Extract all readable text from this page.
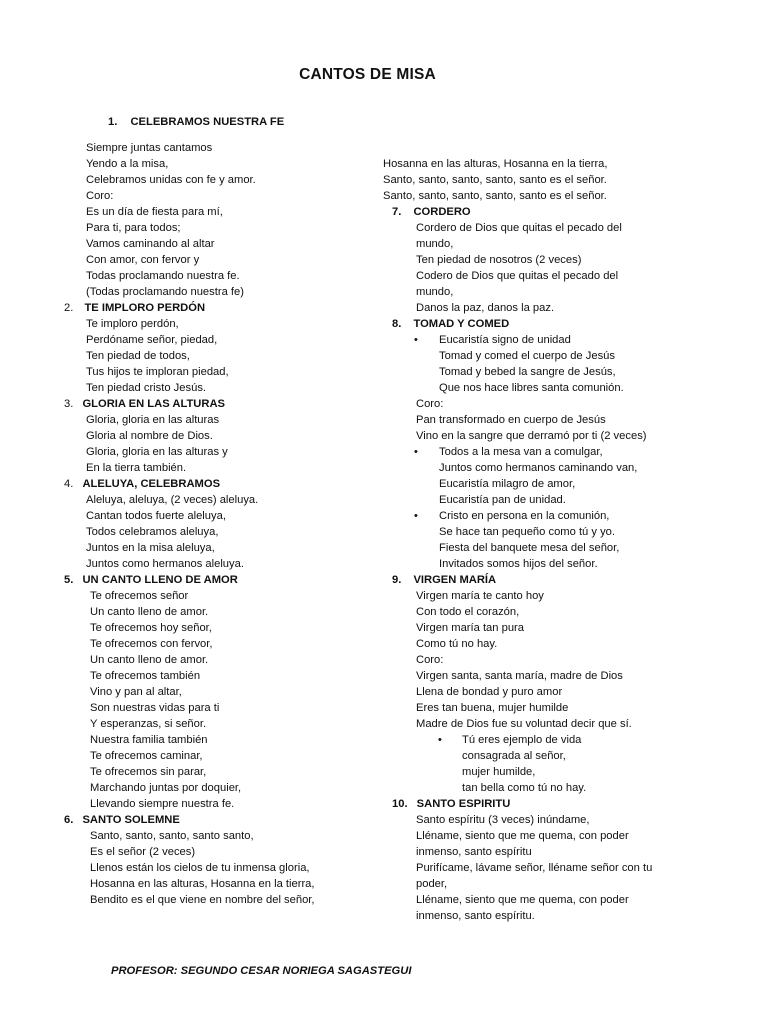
CANTOS DE MISA
1. CELEBRAMOS NUESTRA FE
Siempre juntas cantamos
Yendo a la misa,
Celebramos unidas con fe y amor.
Coro:
Es un día de fiesta para mí,
Para ti, para todos;
Vamos caminando al altar
Con amor, con fervor y
Todas proclamando nuestra fe.
(Todas proclamando nuestra fe)
2. TE IMPLORO PERDÓN
Te imploro perdón,
Perdóname señor, piedad,
Ten piedad de todos,
Tus hijos te imploran piedad,
Ten piedad cristo Jesús.
3. GLORIA EN LAS ALTURAS
Gloria, gloria en las alturas
Gloria al nombre de Dios.
Gloria, gloria en las alturas y
En la tierra también.
4. ALELUYA, CELEBRAMOS
Aleluya, aleluya, (2 veces) aleluya.
Cantan todos fuerte aleluya,
Todos celebramos aleluya,
Juntos en la misa aleluya,
Juntos como hermanos aleluya.
5. UN CANTO LLENO DE AMOR
Te ofrecemos señor
Un canto lleno de amor.
Te ofrecemos hoy señor,
Te ofrecemos con fervor,
Un canto lleno de amor.
Te ofrecemos también
Vino y pan al altar,
Son nuestras vidas para ti
Y esperanzas, si señor.
Nuestra familia también
Te ofrecemos caminar,
Te ofrecemos sin parar,
Marchando juntas por doquier,
Llevando siempre nuestra fe.
6. SANTO SOLEMNE
Santo, santo, santo, santo santo,
Es el señor (2 veces)
Llenos están los cielos de tu inmensa gloria,
Hosanna en las alturas, Hosanna en la tierra,
Bendito es el que viene en nombre del señor,
Hosanna en las alturas, Hosanna en la tierra,
Santo, santo, santo, santo, santo es el señor.
Santo, santo, santo, santo, santo es el señor.
7. CORDERO
Cordero de Dios que quitas el pecado del
mundo,
Ten piedad de nosotros (2 veces)
Codero de Dios que quitas el pecado del
mundo,
Danos la paz, danos la paz.
8. TOMAD Y COMED
• Eucaristía signo de unidad
Tomad y comed el cuerpo de Jesús
Tomad y bebed la sangre de Jesús,
Que nos hace libres santa comunión.
Coro:
Pan transformado en cuerpo de Jesús
Vino en la sangre que derramó por ti (2 veces)
• Todos a la mesa van a comulgar,
Juntos como hermanos caminando van,
Eucaristía milagro de amor,
Eucaristía pan de unidad.
• Cristo en persona en la comunión,
Se hace tan pequeño como tú y yo.
Fiesta del banquete mesa del señor,
Invitados somos hijos del señor.
9. VIRGEN MARÍA
Virgen maría te canto hoy
Con todo el corazón,
Virgen maría tan pura
Como tú no hay.
Coro:
Virgen santa, santa maría, madre de Dios
Llena de bondad y puro amor
Eres tan buena, mujer humilde
Madre de Dios fue su voluntad decir que sí.
• Tú eres ejemplo de vida
consagrada al señor,
mujer humilde,
tan bella como tú no hay.
10. SANTO ESPIRITU
Santo espíritu (3 veces) inúndame,
Lléname, siento que me quema, con poder
inmenso, santo espíritu
Purifícame, lávame señor, lléname señor con tu
poder,
Lléname, siento que me quema, con poder
inmenso, santo espíritu.
PROFESOR: SEGUNDO CESAR NORIEGA SAGASTEGUI
